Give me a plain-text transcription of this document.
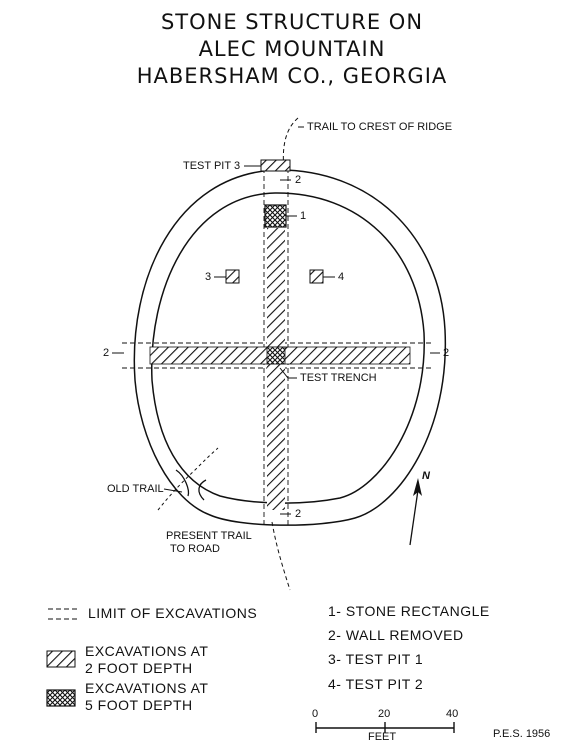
STONE STRUCTURE ON
ALEC MOUNTAIN
HABERSHAM CO., GEORGIA
TRAIL TO CREST OF RIDGE
TEST PIT 3
2
1
3	4
2	2
TEST TRENCH
OLD TRAIL
2
PRESENT TRAIL
TO ROAD
N
LIMIT OF EXCAVATIONS
EXCAVATIONS AT
2 FOOT DEPTH
EXCAVATIONS AT
5 FOOT DEPTH
1- STONE RECTANGLE
2- WALL REMOVED
3- TEST PIT 1
4- TEST PIT 2
0	20	40
FEET	P.E.S. 1956
